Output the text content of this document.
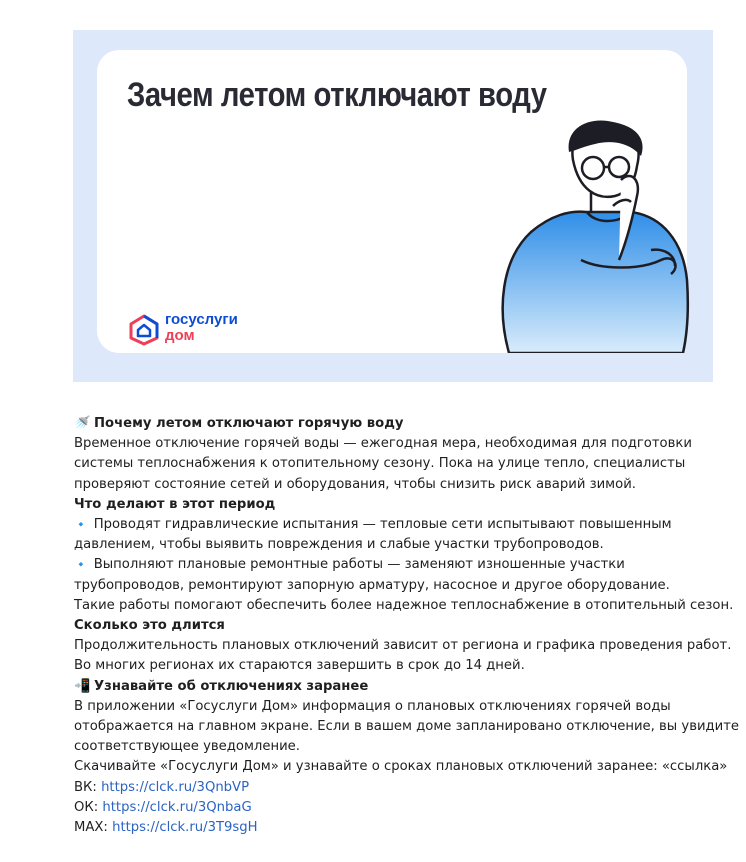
Зачем летом отключают воду
госуслуги
дом

🚿 Почему летом отключают горячую воду

Временное отключение горячей воды — ежегодная мера, необходимая для подготовки

системы теплоснабжения к отопительному сезону. Пока на улице тепло, специалисты

проверяют состояние сетей и оборудования, чтобы снизить риск аварий зимой.

Что делают в этот период

🔹 Проводят гидравлические испытания — тепловые сети испытывают повышенным

давлением, чтобы выявить повреждения и слабые участки трубопроводов.

🔹 Выполняют плановые ремонтные работы — заменяют изношенные участки

трубопроводов, ремонтируют запорную арматуру, насосное и другое оборудование.

Такие работы помогают обеспечить более надежное теплоснабжение в отопительный сезон.

Сколько это длится

Продолжительность плановых отключений зависит от региона и графика проведения работ.

Во многих регионах их стараются завершить в срок до 14 дней.

📲 Узнавайте об отключениях заранее

В приложении «Госуслуги Дом» информация о плановых отключениях горячей воды

отображается на главном экране. Если в вашем доме запланировано отключение, вы увидите

соответствующее уведомление.

Скачивайте «Госуслуги Дом» и узнавайте о сроках плановых отключений заранее: «ссылка»

ВК: https://clck.ru/3QnbVP

ОК: https://clck.ru/3QnbaG

MAX: https://clck.ru/3T9sgH
